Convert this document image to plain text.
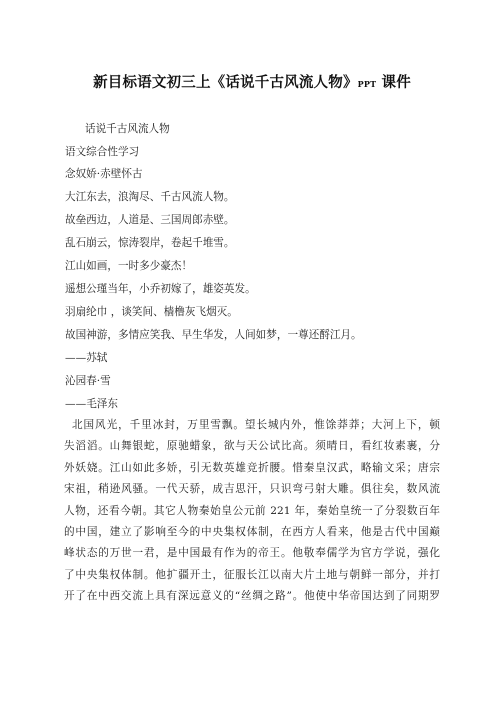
新目标语文初三上《话说千古风流人物》PPT 课件
话说千古风流人物
语文综合性学习
念奴娇·赤壁怀古
大江东去，浪淘尽、千古风流人物。
故垒西边，人道是、三国周郎赤壁。
乱石崩云，惊涛裂岸，卷起千堆雪。
江山如画，一时多少豪杰！
遥想公瑾当年，小乔初嫁了，雄姿英发。
羽扇纶巾 ，谈笑间、樯橹灰飞烟灭。
故国神游，多情应笑我、早生华发，人间如梦，一尊还酹江月。
——苏轼
沁园春·雪
——毛泽东
北国风光，千里冰封，万里雪飘。望长城内外，惟馀莽莽；大河上下，顿
失滔滔。山舞银蛇，原驰蜡象，欲与天公试比高。须晴日，看红妆素裹，分
外妖娆。江山如此多娇，引无数英雄竞折腰。惜秦皇汉武，略输文采；唐宗
宋祖，稍逊风骚。一代天骄，成吉思汗，只识弯弓射大雕。俱往矣，数风流
人物，还看今朝。其它人物秦始皇公元前 221 年，秦始皇统一了分裂数百年
的中国，建立了影响至今的中央集权体制，在西方人看来，他是古代中国巅
峰状态的万世一君，是中国最有作为的帝王。他敬奉儒学为官方学说，强化
了中央集权体制。他扩疆开土，征服长江以南大片土地与朝鲜一部分，并打
开了在中西交流上具有深远意义的“丝绸之路”。他使中华帝国达到了同期罗
